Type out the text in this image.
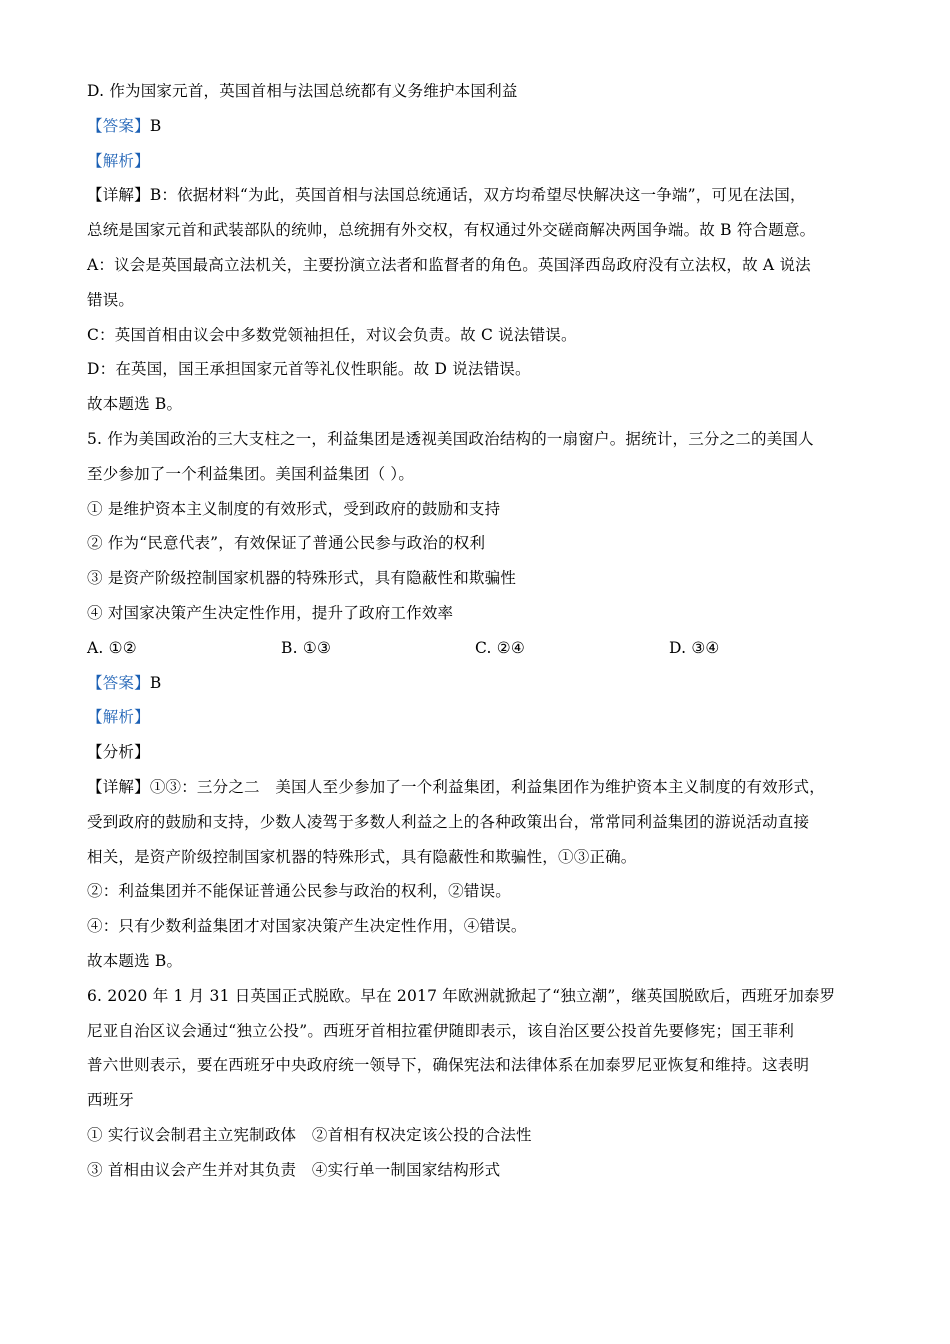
D. 作为国家元首，英国首相与法国总统都有义务维护本国利益
【答案】B
【解析】
【详解】B：依据材料“为此，英国首相与法国总统通话，双方均希望尽快解决这一争端”，可见在法国，
总统是国家元首和武装部队的统帅，总统拥有外交权，有权通过外交磋商解决两国争端。故 B 符合题意。
A：议会是英国最高立法机关，主要扮演立法者和监督者的角色。英国泽西岛政府没有立法权，故 A 说法
错误。
C：英国首相由议会中多数党领袖担任，对议会负责。故 C 说法错误。
D：在英国，国王承担国家元首等礼仪性职能。故 D 说法错误。
故本题选 B。
5. 作为美国政治的三大支柱之一，利益集团是透视美国政治结构的一扇窗户。据统计，三分之二的美国人
至少参加了一个利益集团。美国利益集团（ ）。
① 是维护资本主义制度的有效形式，受到政府的鼓励和支持
② 作为“民意代表”，有效保证了普通公民参与政治的权利
③ 是资产阶级控制国家机器的特殊形式，具有隐蔽性和欺骗性
④ 对国家决策产生决定性作用，提升了政府工作效率
A. ①②	B. ①③	C. ②④	D. ③④
【答案】B
【解析】
【分析】
【详解】①③：三分之二　美国人至少参加了一个利益集团，利益集团作为维护资本主义制度的有效形式，
受到政府的鼓励和支持，少数人凌驾于多数人利益之上的各种政策出台，常常同利益集团的游说活动直接
相关，是资产阶级控制国家机器的特殊形式，具有隐蔽性和欺骗性，①③正确。
②：利益集团并不能保证普通公民参与政治的权利，②错误。
④：只有少数利益集团才对国家决策产生决定性作用，④错误。
故本题选 B。
6. 2020 年 1 月 31 日英国正式脱欧。早在 2017 年欧洲就掀起了“独立潮”，继英国脱欧后，西班牙加泰罗
尼亚自治区议会通过“独立公投”。西班牙首相拉霍伊随即表示，该自治区要公投首先要修宪；国王菲利
普六世则表示，要在西班牙中央政府统一领导下，确保宪法和法律体系在加泰罗尼亚恢复和维持。这表明
西班牙
① 实行议会制君主立宪制政体　②首相有权决定该公投的合法性
③ 首相由议会产生并对其负责　④实行单一制国家结构形式
